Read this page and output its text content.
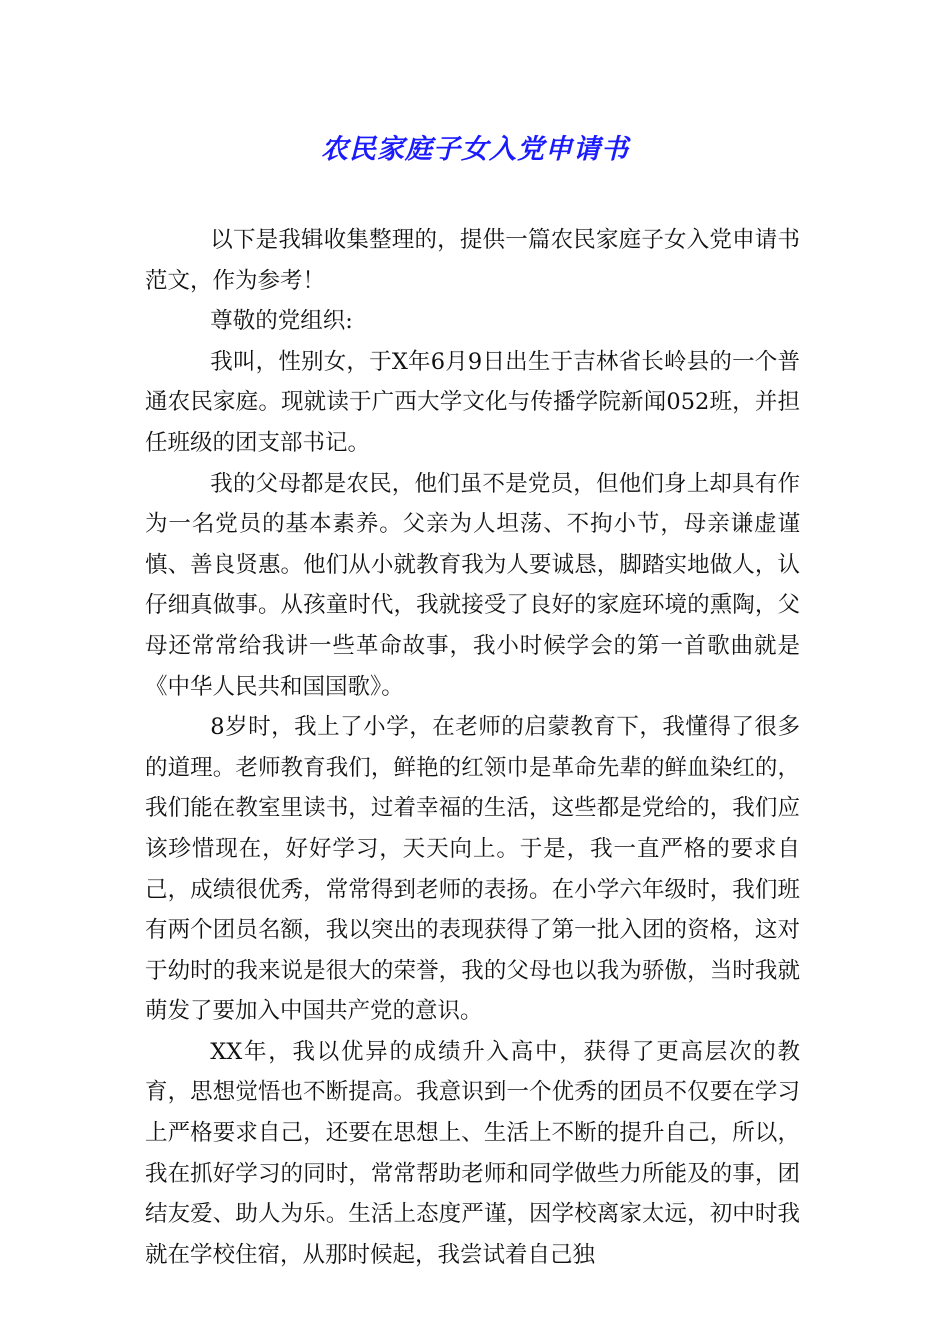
农民家庭子女入党申请书

以下是我辑收集整理的，提供一篇农民家庭子女入党申请书范文，作为参考！

尊敬的党组织:

我叫，性别女，于X年6月9日出生于吉林省长岭县的一个普通农民家庭。现就读于广西大学文化与传播学院新闻052班，并担任班级的团支部书记。

我的父母都是农民，他们虽不是党员，但他们身上却具有作为一名党员的基本素养。父亲为人坦荡、不拘小节，母亲谦虚谨慎、善良贤惠。他们从小就教育我为人要诚恳，脚踏实地做人，认仔细真做事。从孩童时代，我就接受了良好的家庭环境的熏陶，父母还常常给我讲一些革命故事，我小时候学会的第一首歌曲就是《中华人民共和国国歌》。

8岁时，我上了小学，在老师的启蒙教育下，我懂得了很多的道理。老师教育我们，鲜艳的红领巾是革命先辈的鲜血染红的，我们能在教室里读书，过着幸福的生活，这些都是党给的，我们应该珍惜现在，好好学习，天天向上。于是，我一直严格的要求自己，成绩很优秀，常常得到老师的表扬。在小学六年级时，我们班有两个团员名额，我以突出的表现获得了第一批入团的资格，这对于幼时的我来说是很大的荣誉，我的父母也以我为骄傲，当时我就萌发了要加入中国共产党的意识。

XX年，我以优异的成绩升入高中，获得了更高层次的教育，思想觉悟也不断提高。我意识到一个优秀的团员不仅要在学习上严格要求自己，还要在思想上、生活上不断的提升自己，所以，我在抓好学习的同时，常常帮助老师和同学做些力所能及的事，团结友爱、助人为乐。生活上态度严谨，因学校离家太远，初中时我就在学校住宿，从那时候起，我尝试着自己独
